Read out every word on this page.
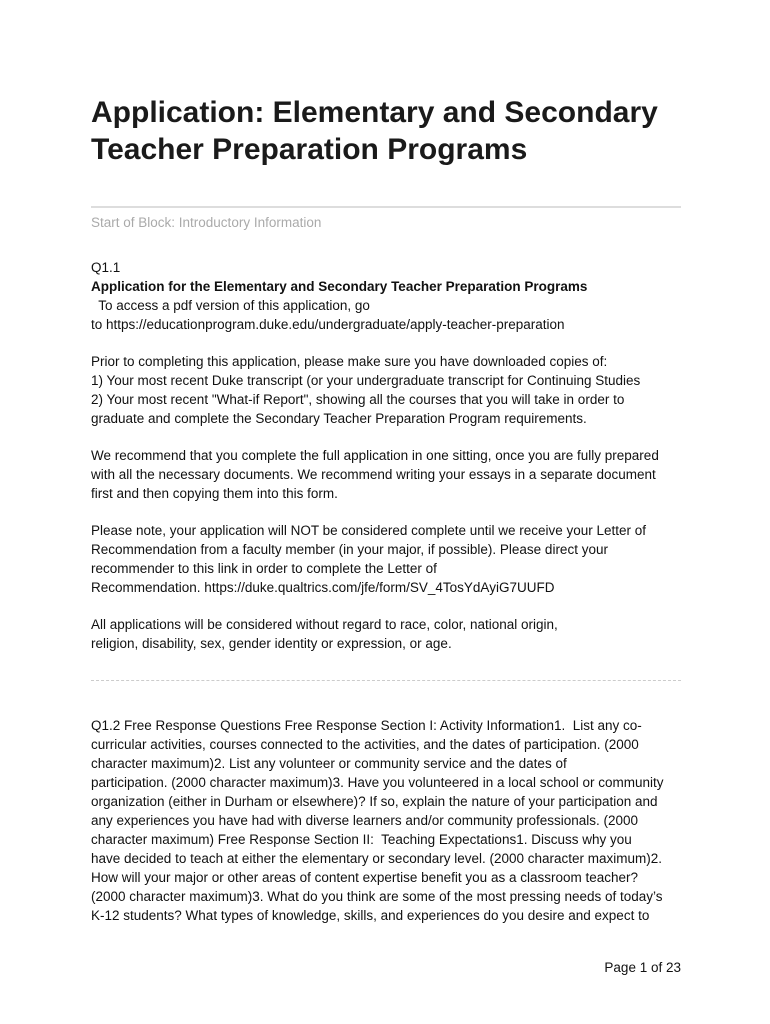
Application: Elementary and Secondary
Teacher Preparation Programs
Start of Block: Introductory Information
Q1.1
Application for the Elementary and Secondary Teacher Preparation Programs
To access a pdf version of this application, go
to https://educationprogram.duke.edu/undergraduate/apply-teacher-preparation
Prior to completing this application, please make sure you have downloaded copies of:
1) Your most recent Duke transcript (or your undergraduate transcript for Continuing Studies
2) Your most recent "What-if Report", showing all the courses that you will take in order to
graduate and complete the Secondary Teacher Preparation Program requirements.
We recommend that you complete the full application in one sitting, once you are fully prepared
with all the necessary documents. We recommend writing your essays in a separate document
first and then copying them into this form.
Please note, your application will NOT be considered complete until we receive your Letter of
Recommendation from a faculty member (in your major, if possible). Please direct your
recommender to this link in order to complete the Letter of
Recommendation. https://duke.qualtrics.com/jfe/form/SV_4TosYdAyiG7UUFD
All applications will be considered without regard to race, color, national origin,
religion, disability, sex, gender identity or expression, or age.
Q1.2 Free Response Questions Free Response Section I: Activity Information1.  List any co-
curricular activities, courses connected to the activities, and the dates of participation. (2000
character maximum)2. List any volunteer or community service and the dates of
participation. (2000 character maximum)3. Have you volunteered in a local school or community
organization (either in Durham or elsewhere)? If so, explain the nature of your participation and
any experiences you have had with diverse learners and/or community professionals. (2000
character maximum) Free Response Section II:  Teaching Expectations1. Discuss why you
have decided to teach at either the elementary or secondary level. (2000 character maximum)2.
How will your major or other areas of content expertise benefit you as a classroom teacher?
(2000 character maximum)3. What do you think are some of the most pressing needs of today’s
K-12 students? What types of knowledge, skills, and experiences do you desire and expect to
Page 1 of 23
